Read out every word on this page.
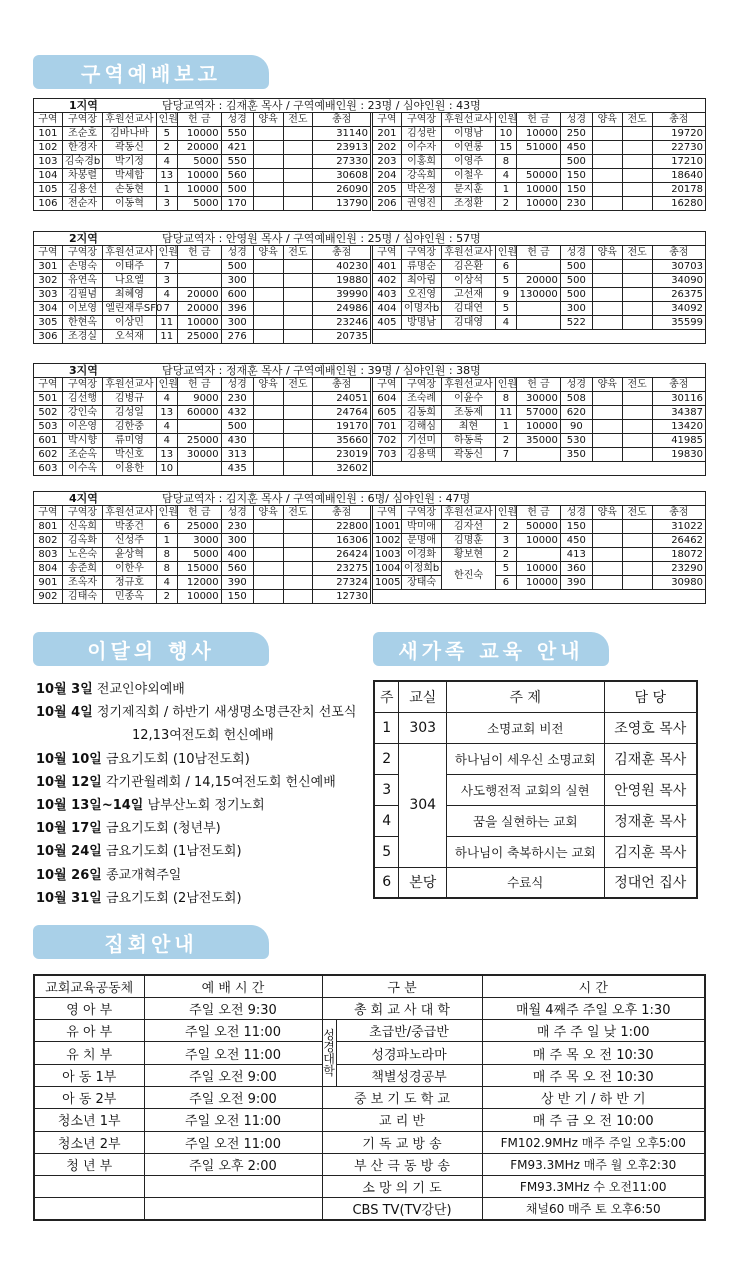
구역예배보고
1지역	담당교역자 : 김재훈 목사 / 구역예배인원 : 23명 / 심야인원 : 43명
구역	구역장	후원선교사	인원	헌 금	성경	양육	전도	총점
101	조순호	김바나바	5	10000	550			31140
102	한경자	곽동신	2	20000	421			23913
103	김숙경b	박기정	4	5000	550			27330
104	차봉렬	박세합	13	10000	560			30608
105	김용선	손동현	1	10000	500			26090
106	전순자	이동혁	3	5000	170			13790
구역	구역장	후원선교사	인원	헌 금	성경	양육	전도	총점
201	김성란	이명남	10	10000	250			19720
202	이수자	이연롱	15	51000	450			22730
203	이홍희	이영주	8		500			17210
204	강옥희	이철우	4	50000	150			18640
205	박은정	문지훈	1	10000	150			20178
206	권영진	조정환	2	10000	230			16280
2지역	담당교역자 : 안영원 목사 / 구역예배인원 : 25명 / 심야인원 : 57명
구역	구역장	후원선교사	인원	헌 금	성경	양육	전도	총점
301	손명숙	이태주	7		500			40230
302	유연옥	나요엘	3		300			19880
303	김필념	최혜영	4	20000	600			39990
304	이보영	엘린재루SF0	7	20000	396			24986
305	한현옥	이상민	11	10000	300			23246
306	조경실	오석재	11	25000	276			20735
구역	구역장	후원선교사	인원	헌 금	성경	양육	전도	총점
401	류명순	김은환	6		500			30703
402	최아림	이상석	5	20000	500			34090
403	오진영	고선재	9	130000	500			26375
404	이명자b	김대연	5		300			34092
405	방명남	김대영	4		522			35599

3지역	담당교역자 : 정재훈 목사 / 구역예배인원 : 39명 / 심야인원 : 38명
구역	구역장	후원선교사	인원	헌 금	성경	양육	전도	총점
501	김선행	김병규	4	9000	230			24051
502	강인숙	김성일	13	60000	432			24764
503	이은영	김한중	4		500			19170
601	박시향	류미영	4	25000	430			35660
602	조순옥	박신호	13	30000	313			23019
603	이수옥	이용한	10		435			32602
구역	구역장	후원선교사	인원	헌 금	성경	양육	전도	총점
604	조숙례	이윤수	8	30000	508			30116
605	김동희	조동제	11	57000	620			34387
701	김해심	최현	1	10000	90			13420
702	기선미	하동록	2	35000	530			41985
703	김용택	곽동신	7		350			19830

4지역	담당교역자 : 김지훈 목사 / 구역예배인원 : 6명/ 심야인원 : 47명
구역	구역장	후원선교사	인원	헌 금	성경	양육	전도	총점
801	신옥희	박종건	6	25000	230			22800
802	김옥화	신성주	1	3000	300			16306
803	노은숙	윤상혁	8	5000	400			26424
804	송준희	이한우	8	15000	560			23275
901	조옥자	정규호	4	12000	390			27324
902	김태숙	민종옥	2	10000	150			12730
구역	구역장	후원선교사	인원	헌 금	성경	양육	전도	총점
1001	박미애	김자선	2	50000	150			31022
1002	문명애	김명훈	3	10000	450			26462
1003	이경화	황보현	2		413			18072
1004	이정희b	한진숙	5	10000	360			23290
1005	장태숙		6	10000	390			30980

이달의 행사
10월 3일 전교인야외예배
10월 4일 정기제직회 / 하반기 새생명소명큰잔치 선포식
12,13여전도회 헌신예배
10월 10일 금요기도회 (10남전도회)
10월 12일 각기관월례회 / 14,15여전도회 헌신예배
10월 13일~14일 남부산노회 정기노회
10월 17일 금요기도회 (청년부)
10월 24일 금요기도회 (1남전도회)
10월 26일 종교개혁주일
10월 31일 금요기도회 (2남전도회)
새가족 교육 안내
주	교실	주 제	담 당
1	303	소명교회 비전	조영호 목사
2	304	하나님이 세우신 소명교회	김재훈 목사
3		사도행전적 교회의 실현	안영원 목사
4		꿈을 실현하는 교회	정재훈 목사
5		하나님이 축복하시는 교회	김지훈 목사
6	본당	수료식	정대언 집사
집회안내
교회교육공동체	예 배 시 간	구 분		시 간
영 아 부	주일 오전 9:30	총 회 교 사 대 학		매월 4째주 주일 오후 1:30
유 아 부	주일 오전 11:00	성경대학	초급반/중급반	매 주 주 일 낮 1:00
유 치 부	주일 오전 11:00		성경파노라마	매 주 목 오 전 10:30
아 동 1부	주일 오전 9:00		책별성경공부	매 주 목 오 전 10:30
아 동 2부	주일 오전 9:00	중 보 기 도 학 교		상 반 기 / 하 반 기
청소년 1부	주일 오전 11:00	교 리 반		매 주 금 오 전 10:00
청소년 2부	주일 오전 11:00	기 독 교 방 송		FM102.9MHz 매주 주일 오후5:00
청 년 부	주일 오후 2:00	부 산 극 동 방 송		FM93.3MHz 매주 월 오후2:30
		소 망 의 기 도		FM93.3MHz 수 오전11:00
		CBS TV(TV강단)		채널60 매주 토 오후6:50
